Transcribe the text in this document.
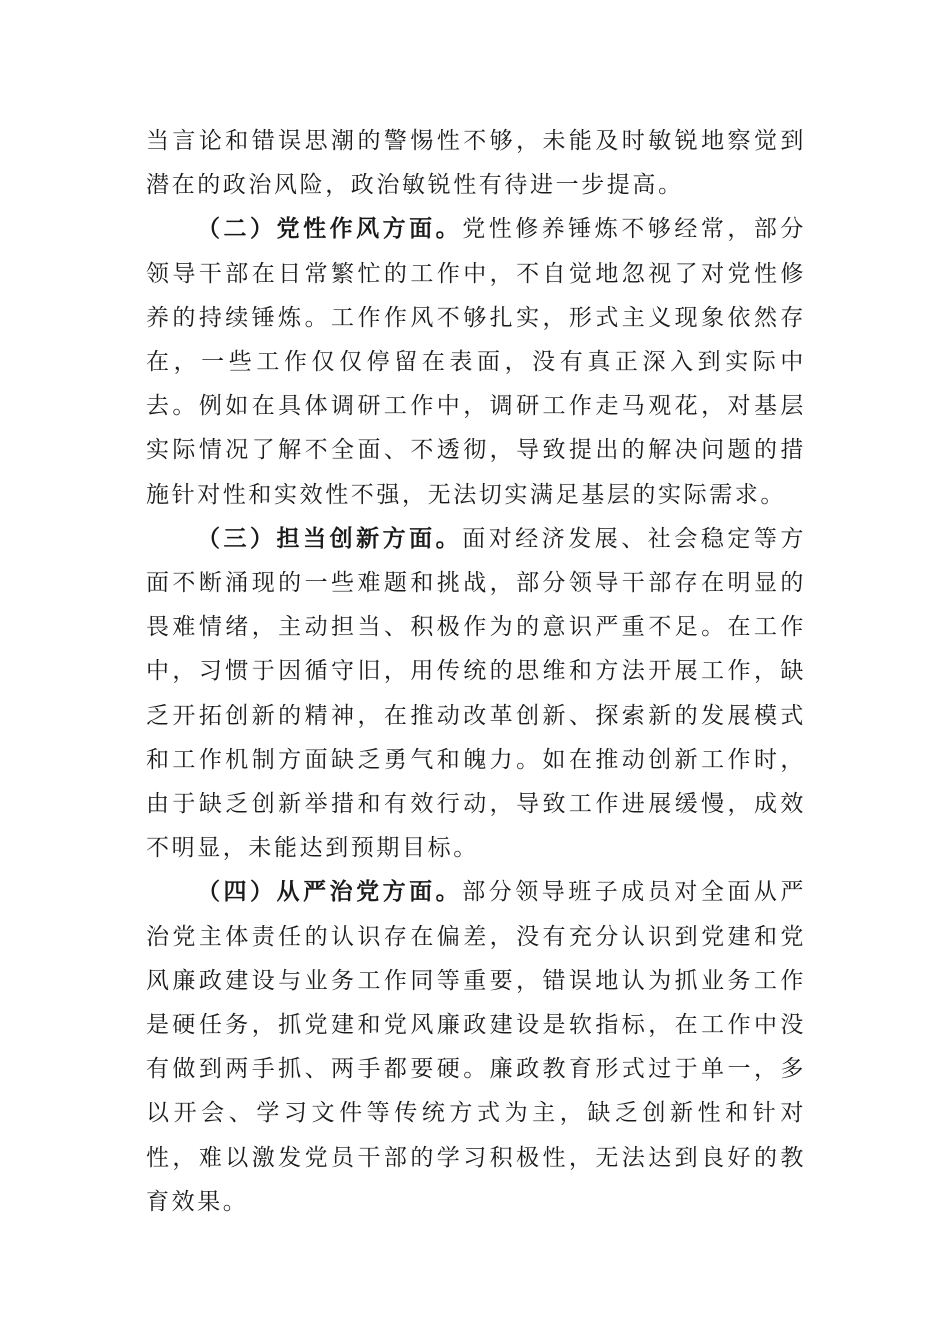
当言论和错误思潮的警惕性不够，未能及时敏锐地察觉到潜在的政治风险，政治敏锐性有待进一步提高。

（二）党性作风方面。党性修养锤炼不够经常，部分领导干部在日常繁忙的工作中，不自觉地忽视了对党性修养的持续锤炼。工作作风不够扎实，形式主义现象依然存在，一些工作仅仅停留在表面，没有真正深入到实际中去。例如在具体调研工作中，调研工作走马观花，对基层实际情况了解不全面、不透彻，导致提出的解决问题的措施针对性和实效性不强，无法切实满足基层的实际需求。

（三）担当创新方面。面对经济发展、社会稳定等方面不断涌现的一些难题和挑战，部分领导干部存在明显的畏难情绪，主动担当、积极作为的意识严重不足。在工作中，习惯于因循守旧，用传统的思维和方法开展工作，缺乏开拓创新的精神，在推动改革创新、探索新的发展模式和工作机制方面缺乏勇气和魄力。如在推动创新工作时，由于缺乏创新举措和有效行动，导致工作进展缓慢，成效不明显，未能达到预期目标。

（四）从严治党方面。部分领导班子成员对全面从严治党主体责任的认识存在偏差，没有充分认识到党建和党风廉政建设与业务工作同等重要，错误地认为抓业务工作是硬任务，抓党建和党风廉政建设是软指标，在工作中没有做到两手抓、两手都要硬。廉政教育形式过于单一，多以开会、学习文件等传统方式为主，缺乏创新性和针对性，难以激发党员干部的学习积极性，无法达到良好的教育效果。
